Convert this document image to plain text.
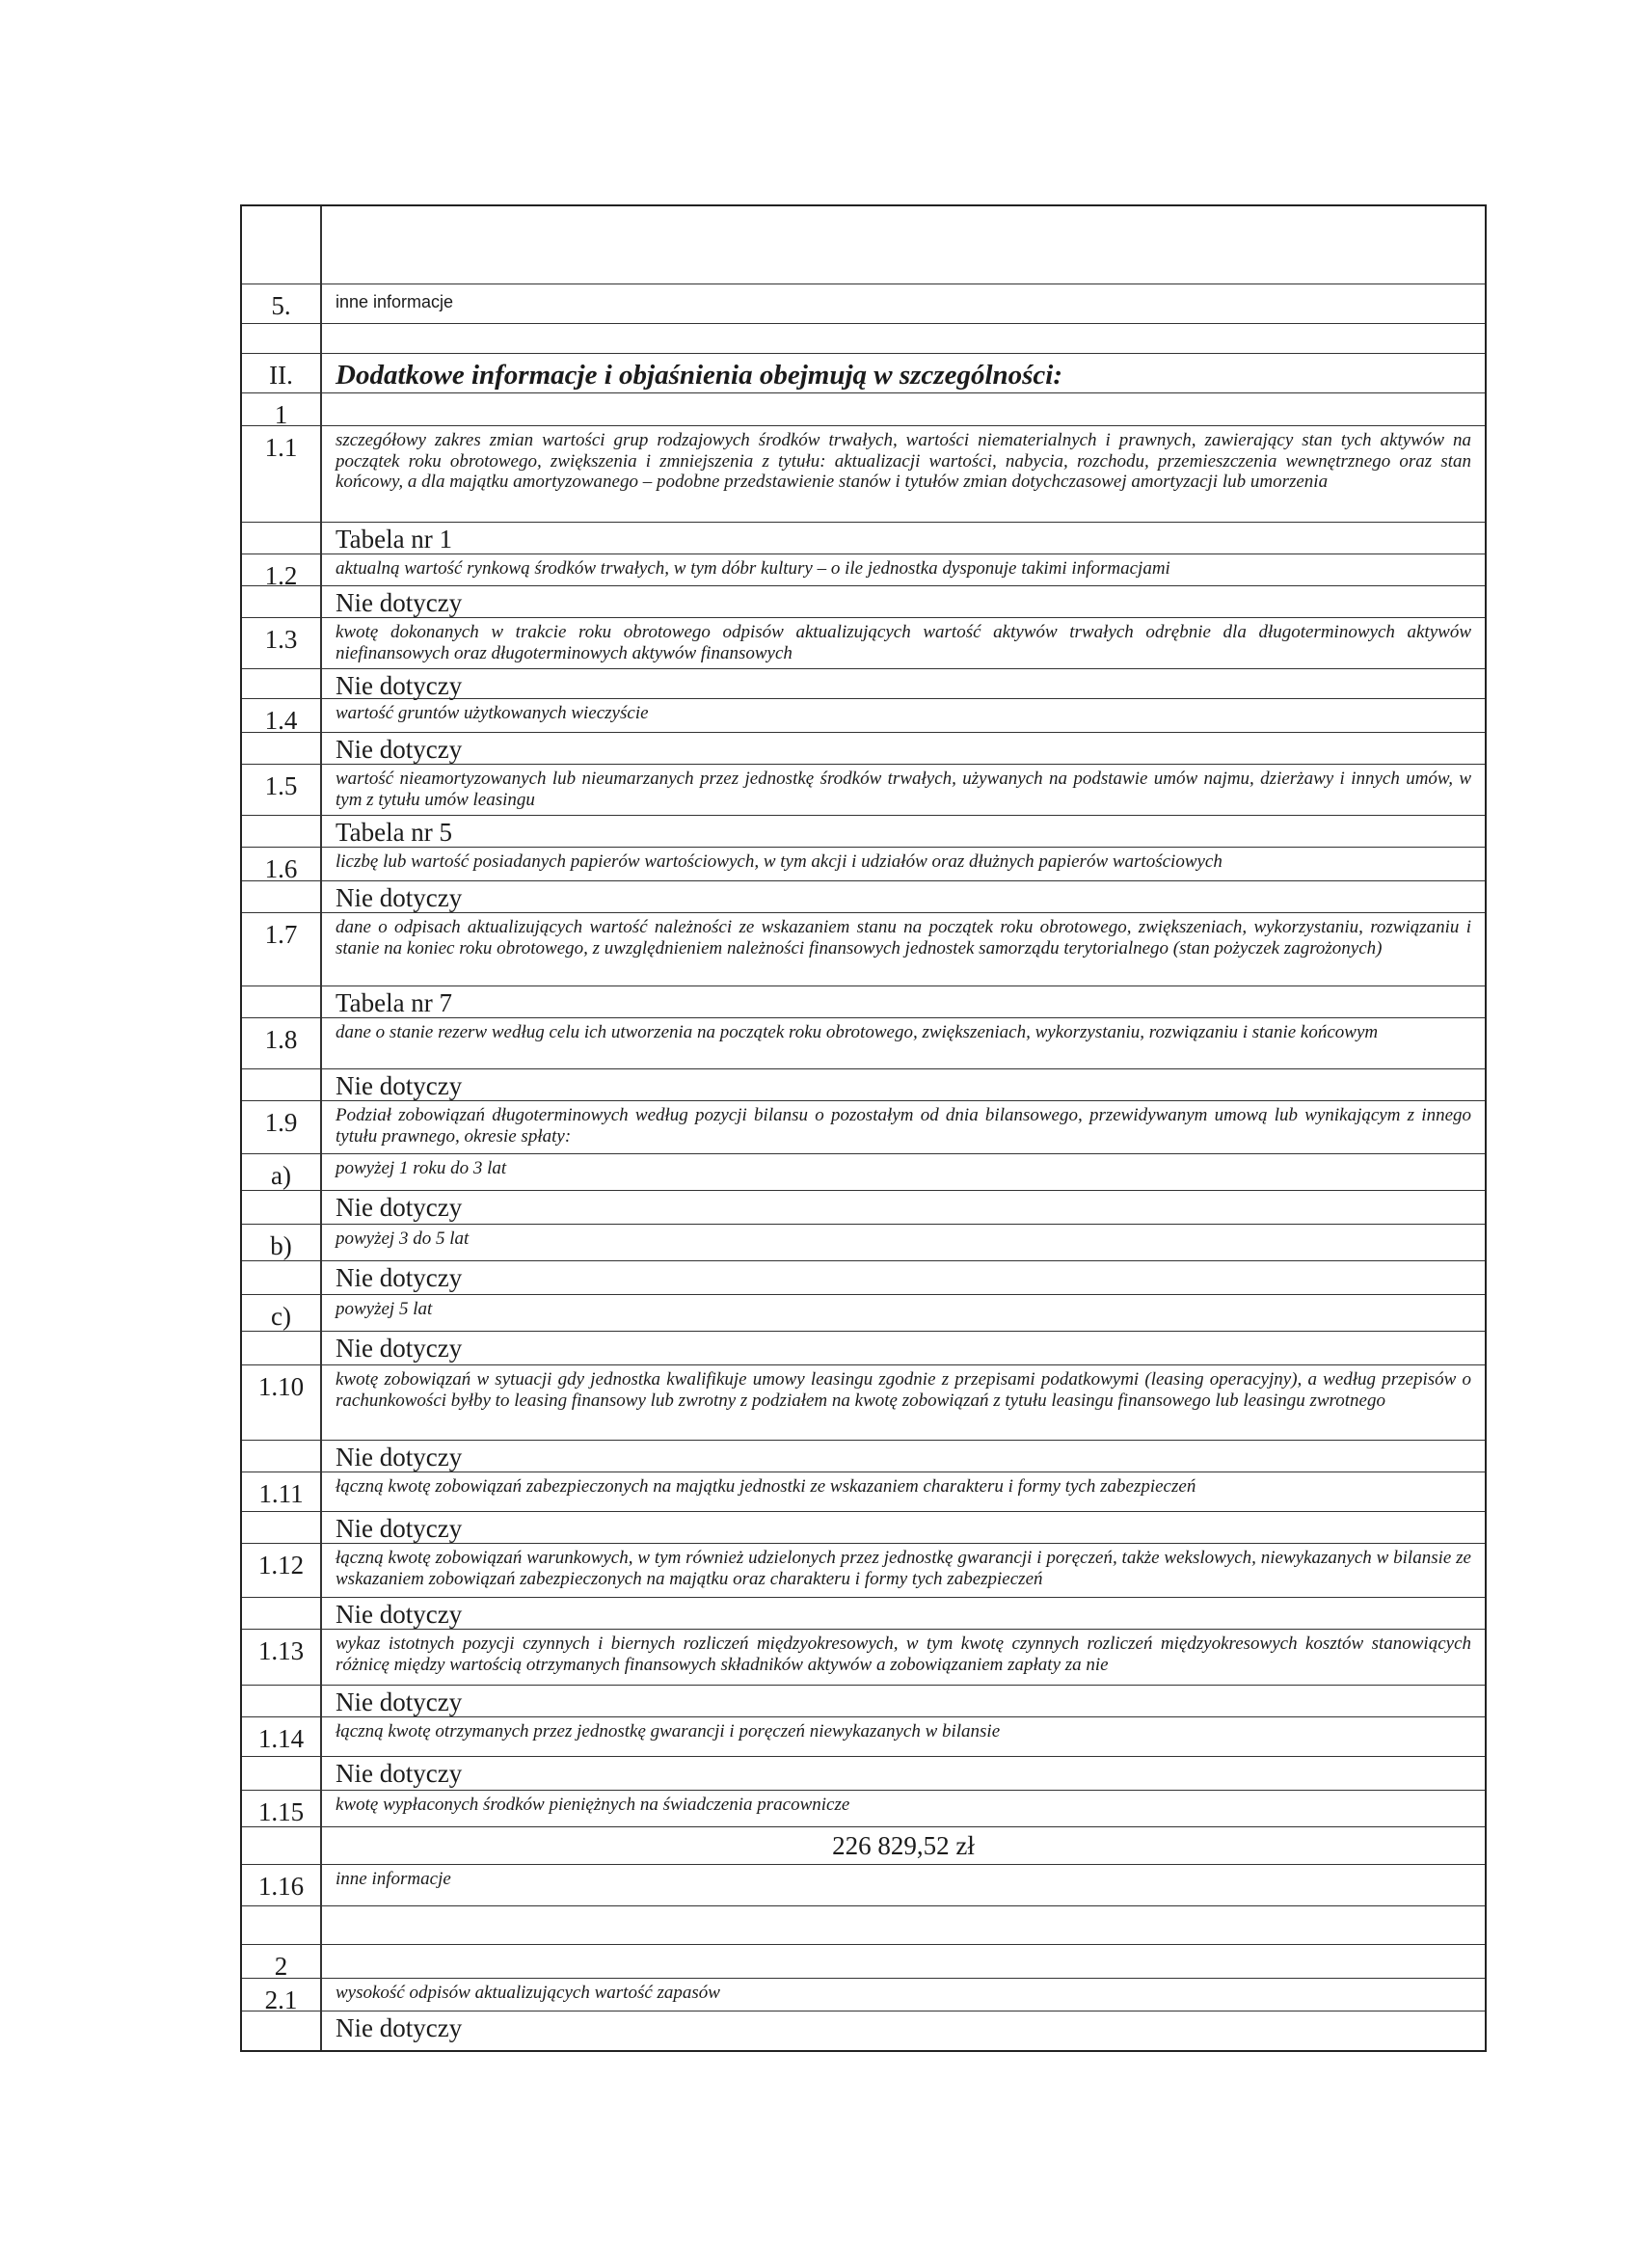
5.	inne informacje
II.	Dodatkowe informacje i objaśnienia obejmują w szczególności:
1
1.1	szczegółowy zakres zmian wartości grup rodzajowych środków trwałych, wartości niematerialnych i prawnych, zawierający stan tych aktywów na początek roku obrotowego, zwiększenia i zmniejszenia z tytułu: aktualizacji wartości, nabycia, rozchodu, przemieszczenia wewnętrznego oraz stan końcowy, a dla majątku amortyzowanego – podobne przedstawienie stanów i tytułów zmian dotychczasowej amortyzacji lub umorzenia
Tabela nr 1
1.2	aktualną wartość rynkową środków trwałych, w tym dóbr kultury – o ile jednostka dysponuje takimi informacjami
Nie dotyczy
1.3	kwotę dokonanych w trakcie roku obrotowego odpisów aktualizujących wartość aktywów trwałych odrębnie dla długoterminowych aktywów niefinansowych oraz długoterminowych aktywów finansowych
Nie dotyczy
1.4	wartość gruntów użytkowanych wieczyście
Nie dotyczy
1.5	wartość nieamortyzowanych lub nieumarzanych przez jednostkę środków trwałych, używanych na podstawie umów najmu, dzierżawy i innych umów, w tym z tytułu umów leasingu
Tabela nr 5
1.6	liczbę lub wartość posiadanych papierów wartościowych, w tym akcji i udziałów oraz dłużnych papierów wartościowych
Nie dotyczy
1.7	dane o odpisach aktualizujących wartość należności ze wskazaniem stanu na początek roku obrotowego, zwiększeniach, wykorzystaniu, rozwiązaniu i stanie na koniec roku obrotowego, z uwzględnieniem należności finansowych jednostek samorządu terytorialnego (stan pożyczek zagrożonych)
Tabela nr 7
1.8	dane o stanie rezerw według celu ich utworzenia na początek roku obrotowego, zwiększeniach, wykorzystaniu, rozwiązaniu i stanie końcowym
Nie dotyczy
1.9	Podział zobowiązań długoterminowych według pozycji bilansu o pozostałym od dnia bilansowego, przewidywanym umową lub wynikającym z innego tytułu prawnego, okresie spłaty:
a)	powyżej 1 roku do 3 lat
Nie dotyczy
b)	powyżej 3 do 5 lat
Nie dotyczy
c)	powyżej 5 lat
Nie dotyczy
1.10	kwotę zobowiązań w sytuacji gdy jednostka kwalifikuje umowy leasingu zgodnie z przepisami podatkowymi (leasing operacyjny), a według przepisów o rachunkowości byłby to leasing finansowy lub zwrotny z podziałem na kwotę zobowiązań z tytułu leasingu finansowego lub leasingu zwrotnego
Nie dotyczy
1.11	łączną kwotę zobowiązań zabezpieczonych na majątku jednostki ze wskazaniem charakteru i formy tych zabezpieczeń
Nie dotyczy
1.12	łączną kwotę zobowiązań warunkowych, w tym również udzielonych przez jednostkę gwarancji i poręczeń, także wekslowych, niewykazanych w bilansie ze wskazaniem zobowiązań zabezpieczonych na majątku oraz charakteru i formy tych zabezpieczeń
Nie dotyczy
1.13	wykaz istotnych pozycji czynnych i biernych rozliczeń międzyokresowych, w tym kwotę czynnych rozliczeń międzyokresowych kosztów stanowiących różnicę między wartością otrzymanych finansowych składników aktywów a zobowiązaniem zapłaty za nie
Nie dotyczy
1.14	łączną kwotę otrzymanych przez jednostkę gwarancji i poręczeń niewykazanych w bilansie
Nie dotyczy
1.15	kwotę wypłaconych środków pieniężnych na świadczenia pracownicze
226 829,52 zł
1.16	inne informacje
2
2.1	wysokość odpisów aktualizujących wartość zapasów
Nie dotyczy
